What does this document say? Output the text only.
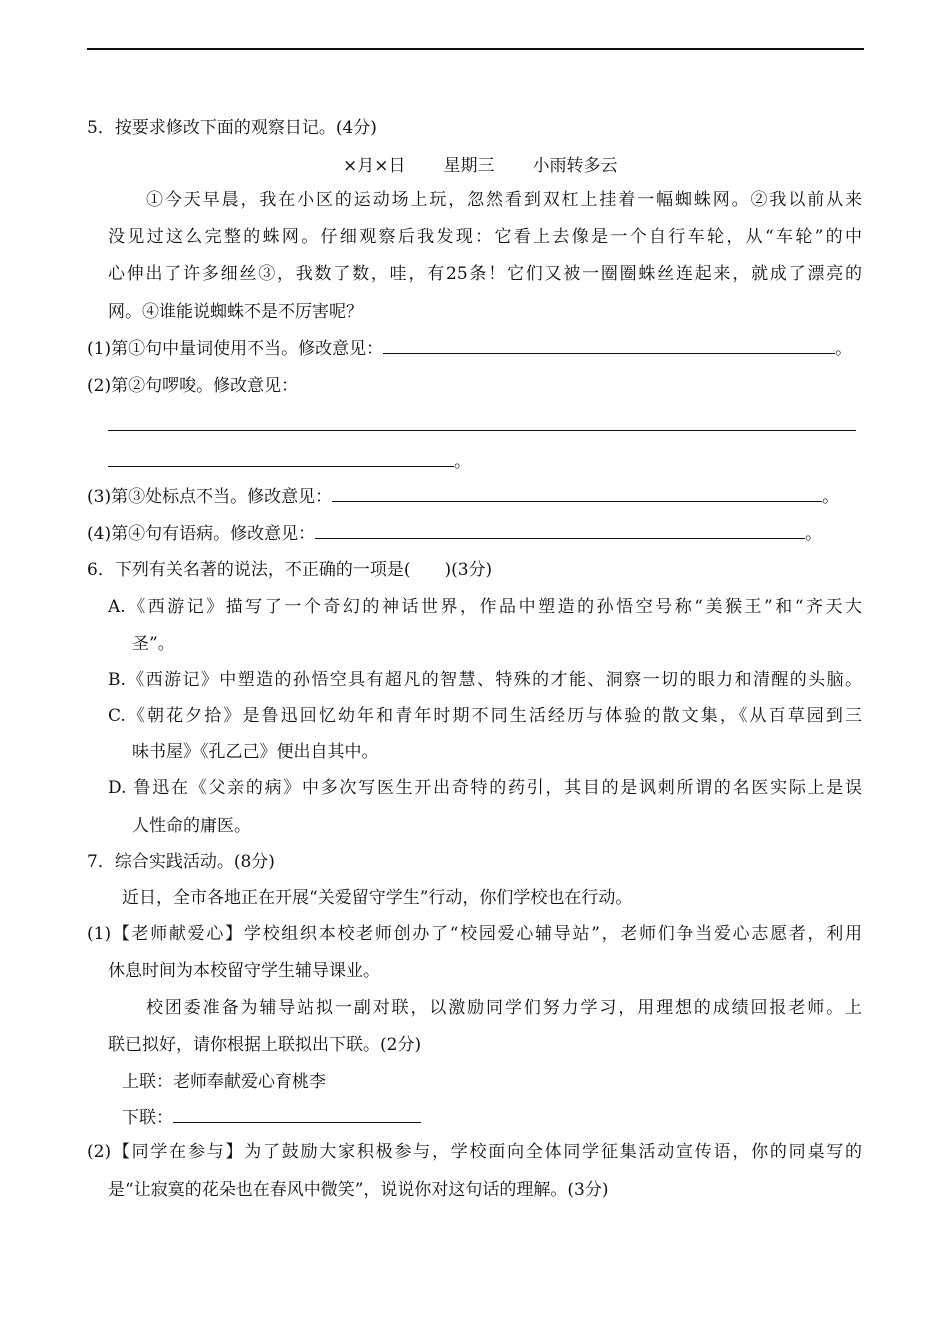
5．按要求修改下面的观察日记。(4分)
×月×日 星期三 小雨转多云
①今天早晨，我在小区的运动场上玩，忽然看到双杠上挂着一幅蜘蛛网。②我以前从来
没见过这么完整的蛛网。仔细观察后我发现：它看上去像是一个自行车轮，从“车轮”的中
心伸出了许多细丝③，我数了数，哇，有25条！它们又被一圈圈蛛丝连起来，就成了漂亮的
网。④谁能说蜘蛛不是不厉害呢？
(1)第①句中量词使用不当。修改意见：	。
(2)第②句啰唆。修改意见：
。
(3)第③处标点不当。修改意见：	。
(4)第④句有语病。修改意见：	。
6．下列有关名著的说法，不正确的一项是(　　)(3分)
A.《西游记》描写了一个奇幻的神话世界，作品中塑造的孙悟空号称“美猴王”和“齐天大
圣”。
B.《西游记》中塑造的孙悟空具有超凡的智慧、特殊的才能、洞察一切的眼力和清醒的头脑。
C.《朝花夕拾》是鲁迅回忆幼年和青年时期不同生活经历与体验的散文集，《从百草园到三
味书屋》《孔乙己》便出自其中。
D. 鲁迅在《父亲的病》中多次写医生开出奇特的药引，其目的是讽刺所谓的名医实际上是误
人性命的庸医。
7．综合实践活动。(8分)
近日，全市各地正在开展“关爱留守学生”行动，你们学校也在行动。
(1)【老师献爱心】学校组织本校老师创办了“校园爱心辅导站”，老师们争当爱心志愿者，利用
休息时间为本校留守学生辅导课业。
校团委准备为辅导站拟一副对联，以激励同学们努力学习，用理想的成绩回报老师。上
联已拟好，请你根据上联拟出下联。(2分)
上联：老师奉献爱心育桃李
下联：
(2)【同学在参与】为了鼓励大家积极参与，学校面向全体同学征集活动宣传语，你的同桌写的
是“让寂寞的花朵也在春风中微笑”，说说你对这句话的理解。(3分)
